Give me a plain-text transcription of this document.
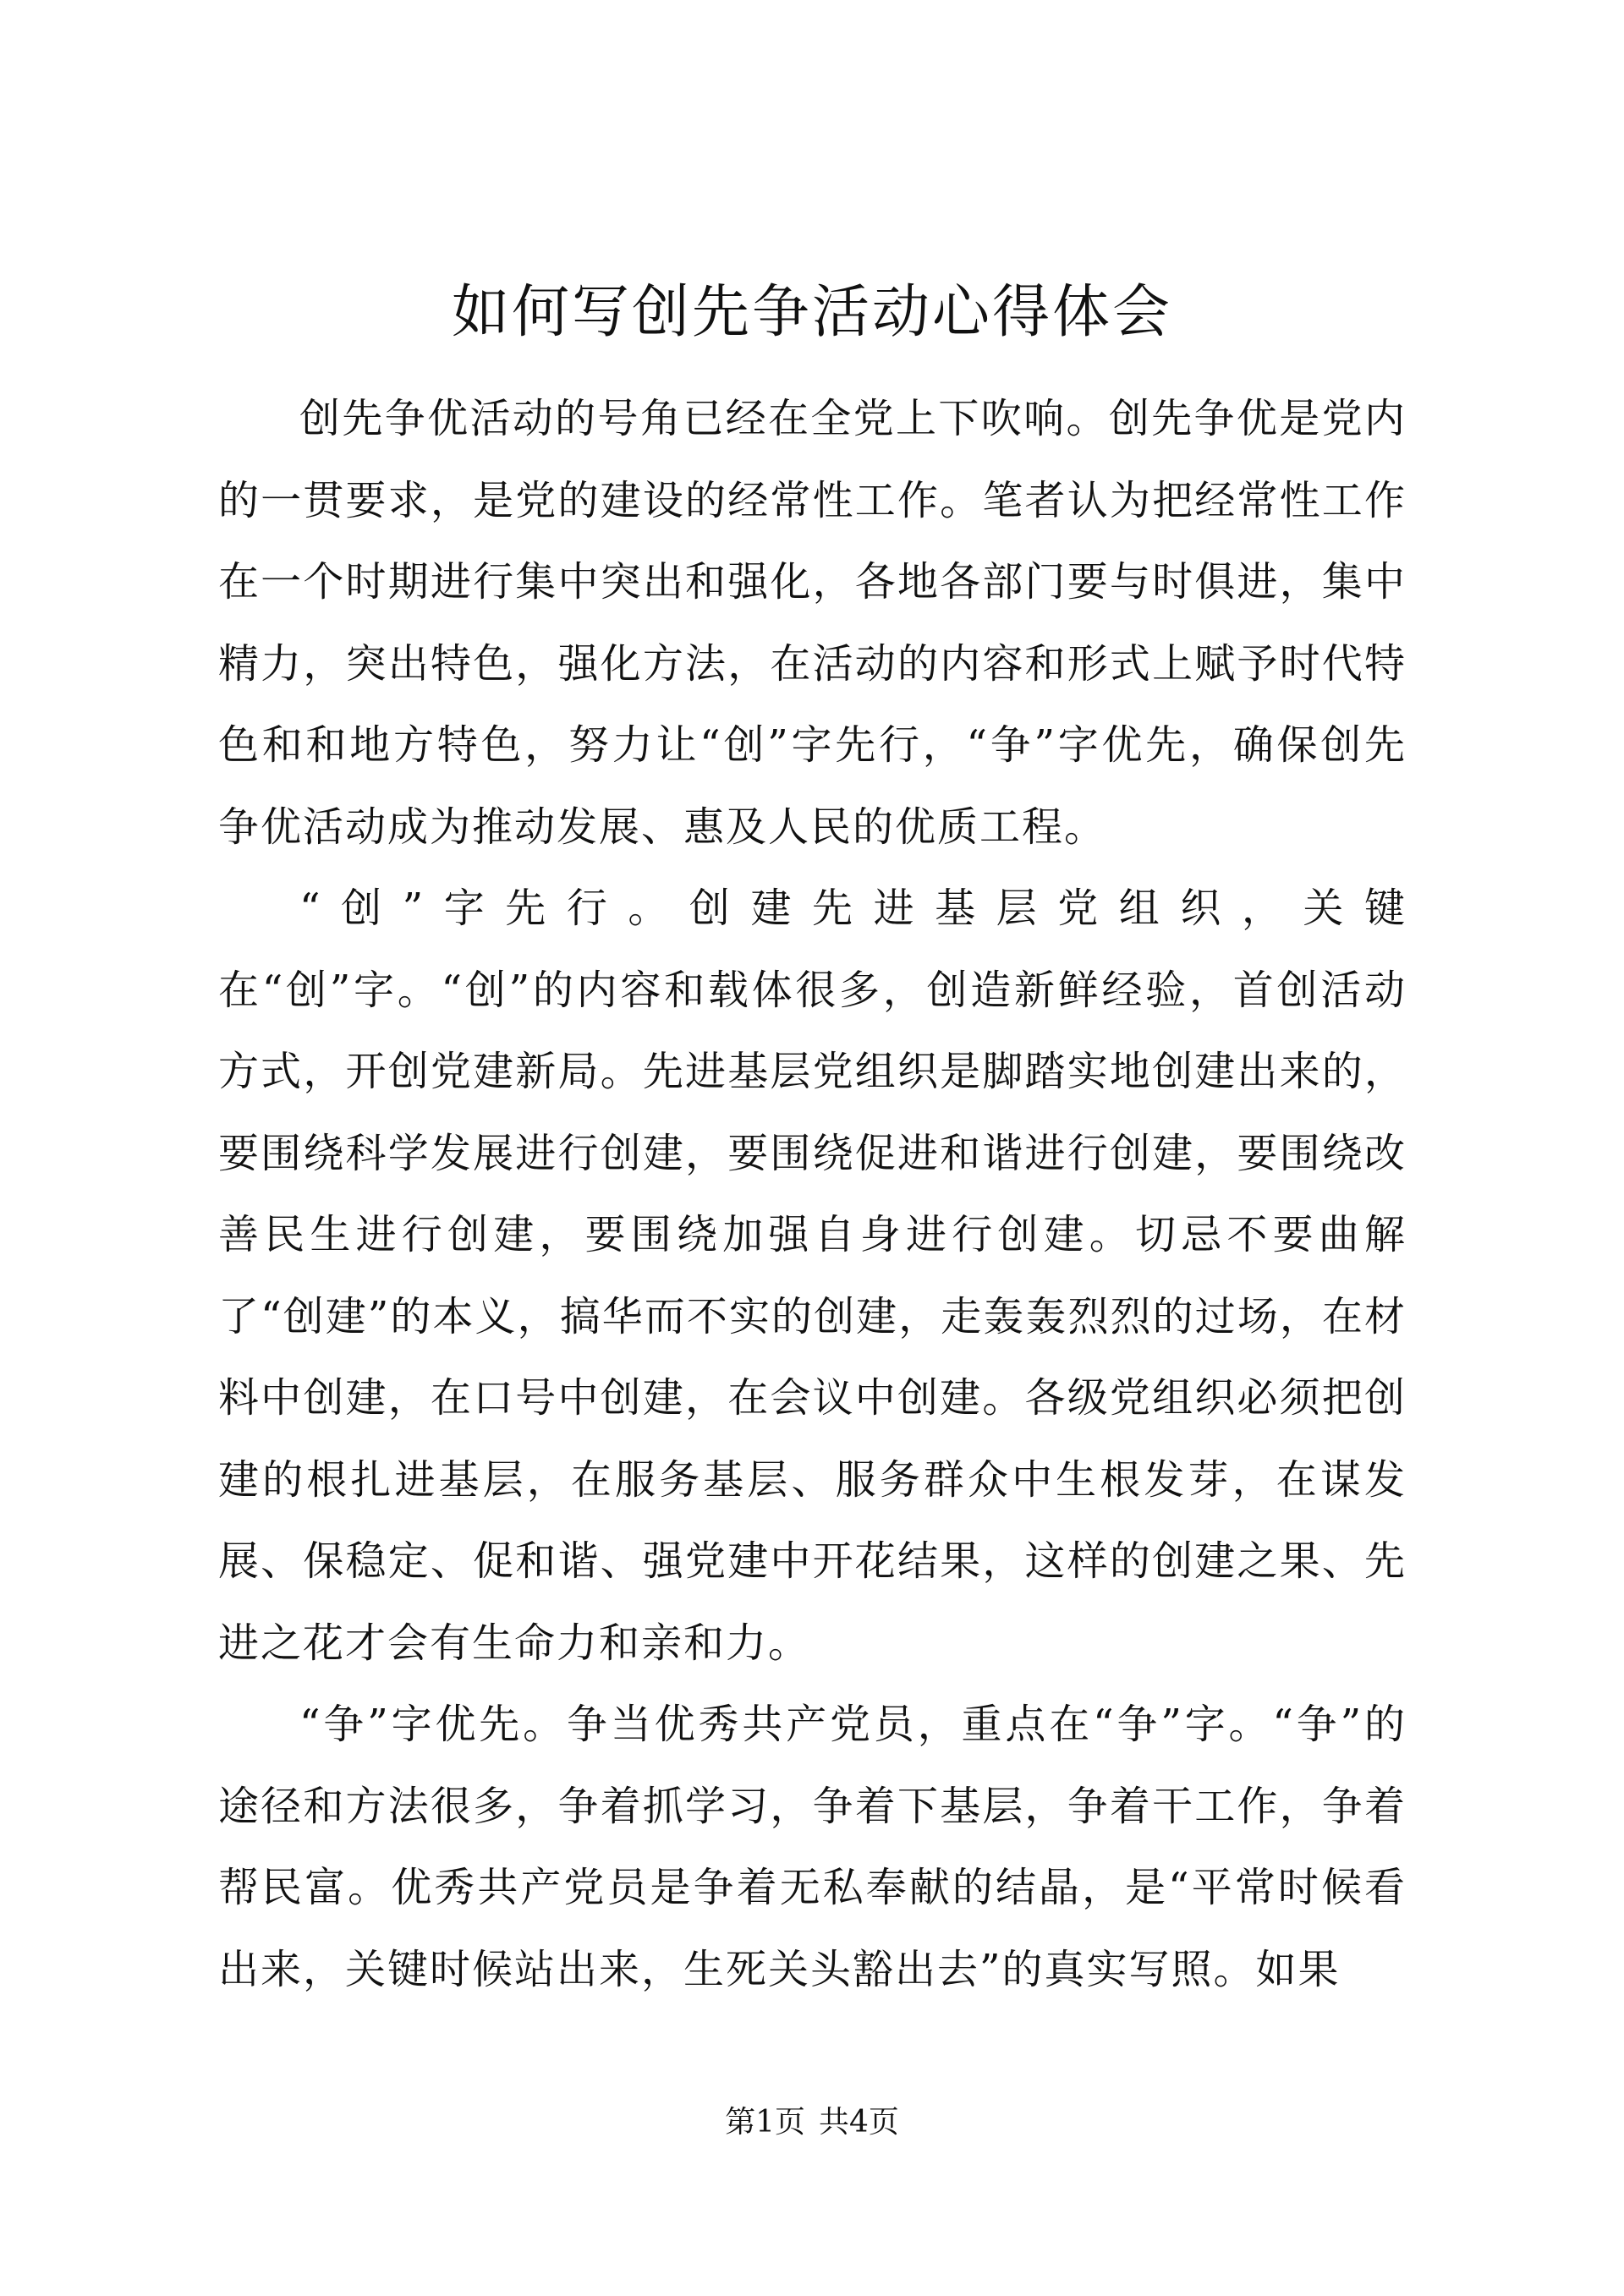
如何写创先争活动心得体会

创先争优活动的号角已经在全党上下吹响。创先争优是党内的一贯要求，是党的建设的经常性工作。笔者认为把经常性工作在一个时期进行集中突出和强化，各地各部门要与时俱进，集中精力，突出特色，强化方法，在活动的内容和形式上赋予时代特色和和地方特色，努力让“创”字先行，“争”字优先，确保创先争优活动成为推动发展、惠及人民的优质工程。

“创”字先行。创建先进基层党组织，关键在“创”字。“创”的内容和载体很多，创造新鲜经验，首创活动方式，开创党建新局。先进基层党组织是脚踏实地创建出来的，要围绕科学发展进行创建，要围绕促进和谐进行创建，要围绕改善民生进行创建，要围绕加强自身进行创建。切忌不要曲解了“创建”的本义，搞华而不实的创建，走轰轰烈烈的过场，在材料中创建，在口号中创建，在会议中创建。各级党组织必须把创建的根扎进基层，在服务基层、服务群众中生根发芽，在谋发展、保稳定、促和谐、强党建中开花结果，这样的创建之果、先进之花才会有生命力和亲和力。

“争”字优先。争当优秀共产党员，重点在“争”字。“争”的途径和方法很多，争着抓学习，争着下基层，争着干工作，争着帮民富。优秀共产党员是争着无私奉献的结晶，是“平常时候看出来，关键时候站出来，生死关头豁出去”的真实写照。如果

第1页 共4页
